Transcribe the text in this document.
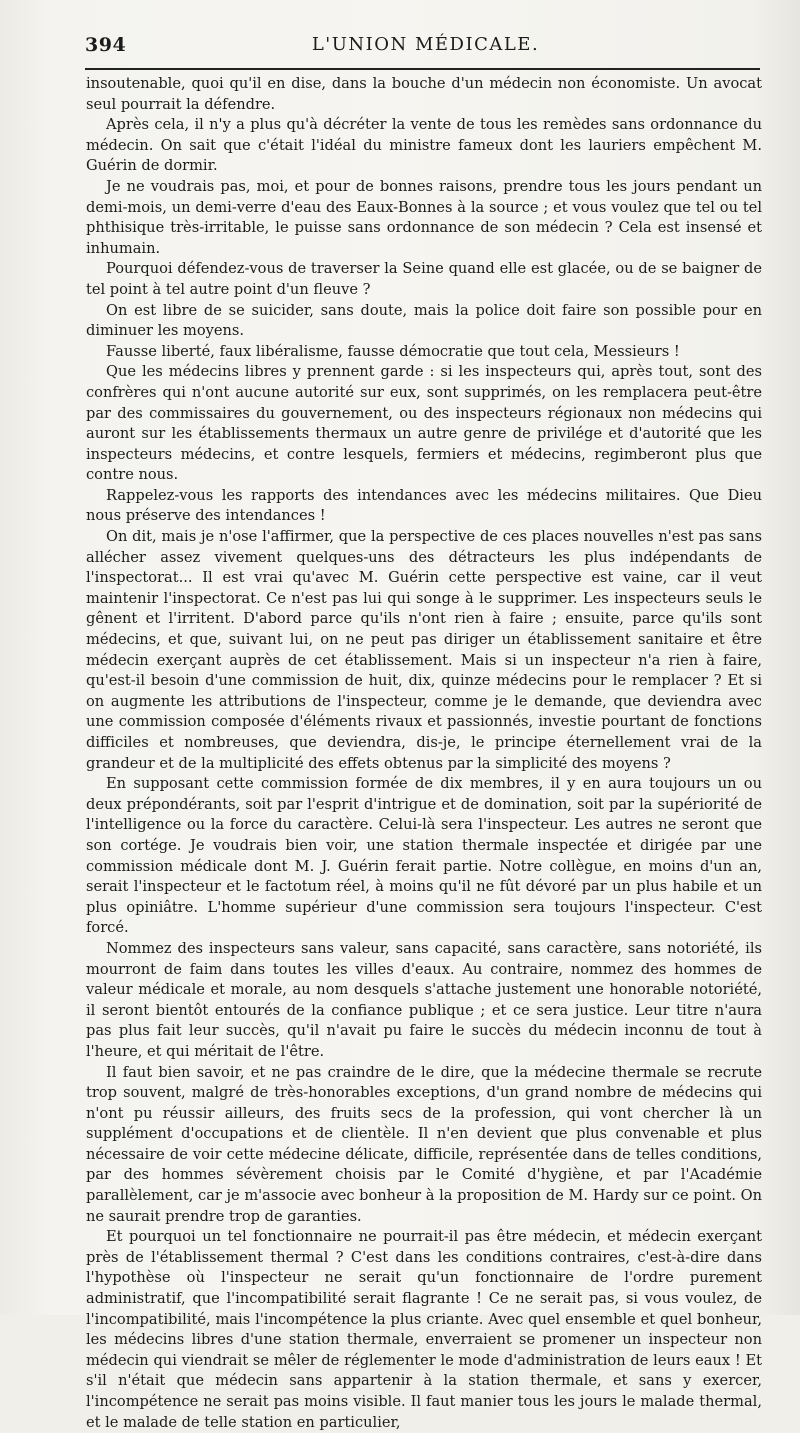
394	L'UNION MÉDICALE.

insoutenable, quoi qu'il en dise, dans la bouche d'un médecin non économiste. Un avocat seul pourrait la défendre.

Après cela, il n'y a plus qu'à décréter la vente de tous les remèdes sans ordonnance du médecin. On sait que c'était l'idéal du ministre fameux dont les lauriers empêchent M. Guérin de dormir.

Je ne voudrais pas, moi, et pour de bonnes raisons, prendre tous les jours pendant un demi-mois, un demi-verre d'eau des Eaux-Bonnes à la source ; et vous voulez que tel ou tel phthisique très-irritable, le puisse sans ordonnance de son médecin ? Cela est insensé et inhumain.

Pourquoi défendez-vous de traverser la Seine quand elle est glacée, ou de se baigner de tel point à tel autre point d'un fleuve ?

On est libre de se suicider, sans doute, mais la police doit faire son possible pour en diminuer les moyens.

Fausse liberté, faux libéralisme, fausse démocratie que tout cela, Messieurs !

Que les médecins libres y prennent garde : si les inspecteurs qui, après tout, sont des confrères qui n'ont aucune autorité sur eux, sont supprimés, on les remplacera peut-être par des commissaires du gouvernement, ou des inspecteurs régionaux non médecins qui auront sur les établissements thermaux un autre genre de privilége et d'autorité que les inspecteurs médecins, et contre lesquels, fermiers et médecins, regimberont plus que contre nous.

Rappelez-vous les rapports des intendances avec les médecins militaires. Que Dieu nous préserve des intendances !

On dit, mais je n'ose l'affirmer, que la perspective de ces places nouvelles n'est pas sans allécher assez vivement quelques-uns des détracteurs les plus indépendants de l'inspectorat... Il est vrai qu'avec M. Guérin cette perspective est vaine, car il veut maintenir l'inspectorat. Ce n'est pas lui qui songe à le supprimer. Les inspecteurs seuls le gênent et l'irritent. D'abord parce qu'ils n'ont rien à faire ; ensuite, parce qu'ils sont médecins, et que, suivant lui, on ne peut pas diriger un établissement sanitaire et être médecin exerçant auprès de cet établissement. Mais si un inspecteur n'a rien à faire, qu'est-il besoin d'une commission de huit, dix, quinze médecins pour le remplacer ? Et si on augmente les attributions de l'inspecteur, comme je le demande, que deviendra avec une commission composée d'éléments rivaux et passionnés, investie pourtant de fonctions difficiles et nombreuses, que deviendra, dis-je, le principe éternellement vrai de la grandeur et de la multiplicité des effets obtenus par la simplicité des moyens ?

En supposant cette commission formée de dix membres, il y en aura toujours un ou deux prépondérants, soit par l'esprit d'intrigue et de domination, soit par la supériorité de l'intelligence ou la force du caractère. Celui-là sera l'inspecteur. Les autres ne seront que son cortége. Je voudrais bien voir, une station thermale inspectée et dirigée par une commission médicale dont M. J. Guérin ferait partie. Notre collègue, en moins d'un an, serait l'inspecteur et le factotum réel, à moins qu'il ne fût dévoré par un plus habile et un plus opiniâtre. L'homme supérieur d'une commission sera toujours l'inspecteur. C'est forcé.

Nommez des inspecteurs sans valeur, sans capacité, sans caractère, sans notoriété, ils mourront de faim dans toutes les villes d'eaux. Au contraire, nommez des hommes de valeur médicale et morale, au nom desquels s'attache justement une honorable notoriété, il seront bientôt entourés de la confiance publique ; et ce sera justice. Leur titre n'aura pas plus fait leur succès, qu'il n'avait pu faire le succès du médecin inconnu de tout à l'heure, et qui méritait de l'être.

Il faut bien savoir, et ne pas craindre de le dire, que la médecine thermale se recrute trop souvent, malgré de très-honorables exceptions, d'un grand nombre de médecins qui n'ont pu réussir ailleurs, des fruits secs de la profession, qui vont chercher là un supplément d'occupations et de clientèle. Il n'en devient que plus convenable et plus nécessaire de voir cette médecine délicate, difficile, représentée dans de telles conditions, par des hommes sévèrement choisis par le Comité d'hygiène, et par l'Académie parallèlement, car je m'associe avec bonheur à la proposition de M. Hardy sur ce point. On ne saurait prendre trop de garanties.

Et pourquoi un tel fonctionnaire ne pourrait-il pas être médecin, et médecin exerçant près de l'établissement thermal ? C'est dans les conditions contraires, c'est-à-dire dans l'hypothèse où l'inspecteur ne serait qu'un fonctionnaire de l'ordre purement administratif, que l'incompatibilité serait flagrante ! Ce ne serait pas, si vous voulez, de l'incompatibilité, mais l'incompétence la plus criante. Avec quel ensemble et quel bonheur, les médecins libres d'une station thermale, enverraient se promener un inspecteur non médecin qui viendrait se mêler de réglementer le mode d'administration de leurs eaux ! Et s'il n'était que médecin sans appartenir à la station thermale, et sans y exercer, l'incompétence ne serait pas moins visible. Il faut manier tous les jours le malade thermal, et le malade de telle station en particulier,
